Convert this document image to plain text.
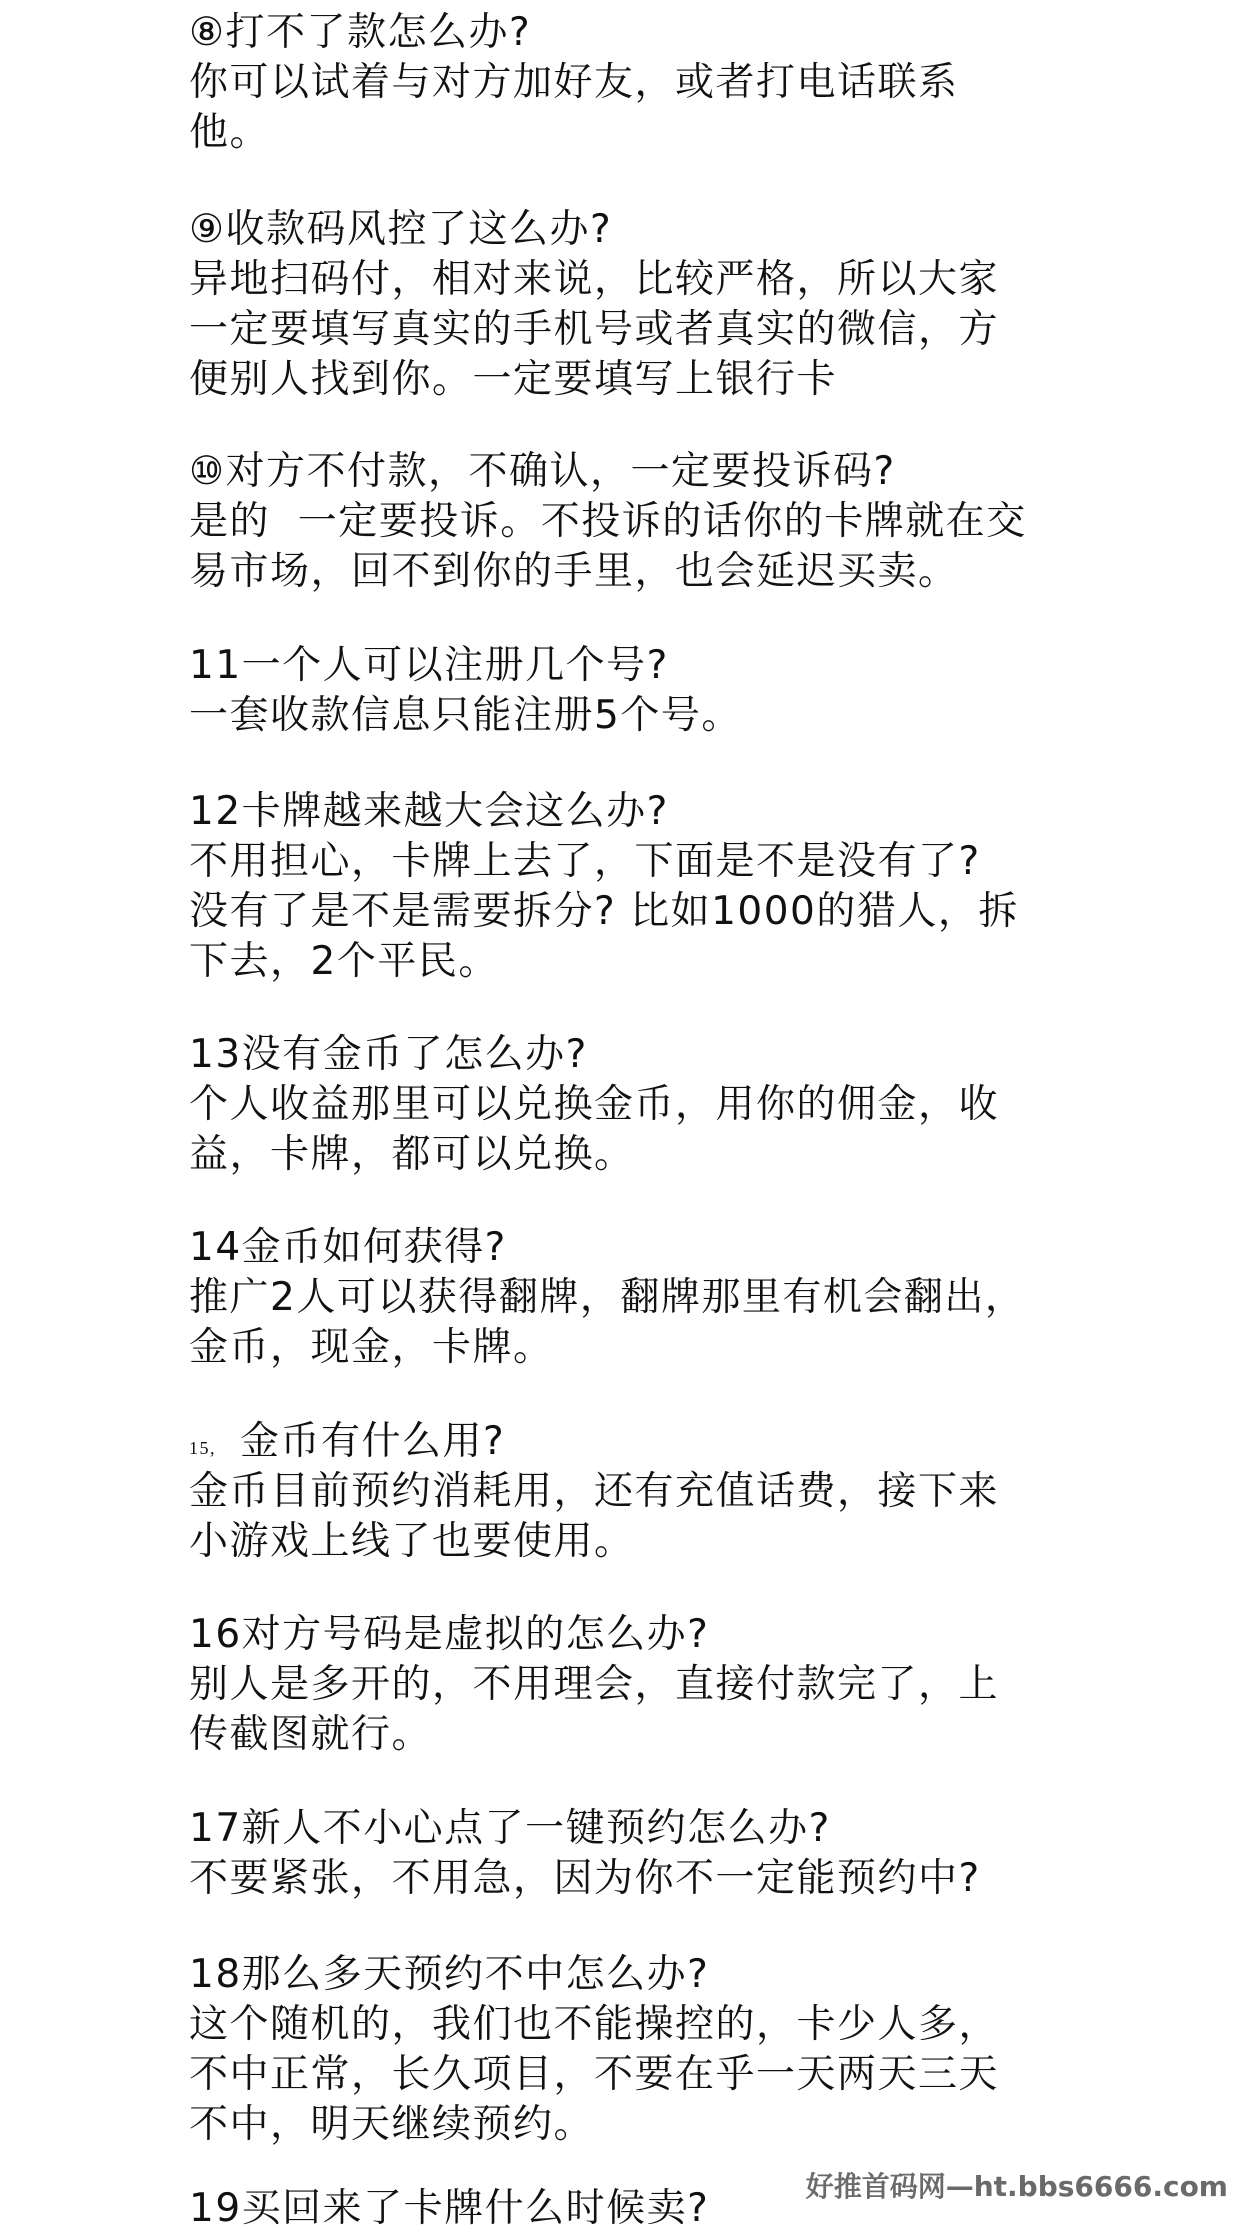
⑧打不了款怎么办?
你可以试着与对方加好友，或者打电话联系
他。
⑨收款码风控了这么办?
异地扫码付，相对来说，比较严格，所以大家
一定要填写真实的手机号或者真实的微信，方
便别人找到你。一定要填写上银行卡
⑩对方不付款，不确认，一定要投诉码?
是的  一定要投诉。不投诉的话你的卡牌就在交
易市场，回不到你的手里，也会延迟买卖。
11一个人可以注册几个号?
一套收款信息只能注册5个号。
12卡牌越来越大会这么办?
不用担心，卡牌上去了，下面是不是没有了?
没有了是不是需要拆分? 比如1000的猎人，拆
下去，2个平民。
13没有金币了怎么办?
个人收益那里可以兑换金币，用你的佣金，收
益，卡牌，都可以兑换。
14金币如何获得?
推广2人可以获得翻牌，翻牌那里有机会翻出，
金币，现金，卡牌。
15, 金币有什么用?
金币目前预约消耗用，还有充值话费，接下来
小游戏上线了也要使用。
16对方号码是虚拟的怎么办?
别人是多开的，不用理会，直接付款完了，上
传截图就行。
17新人不小心点了一键预约怎么办?
不要紧张，不用急，因为你不一定能预约中?
18那么多天预约不中怎么办?
这个随机的，我们也不能操控的，卡少人多，
不中正常，长久项目，不要在乎一天两天三天
不中，明天继续预约。
19买回来了卡牌什么时候卖?	好推首码网—ht.bbs6666.com
